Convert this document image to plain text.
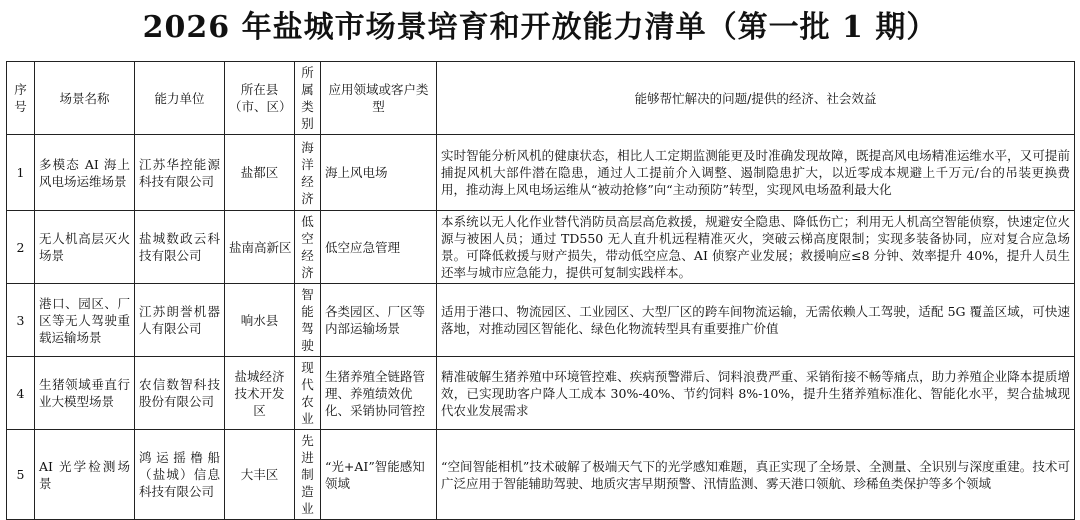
2026 年盐城市场景培育和开放能力清单（第一批 1 期）
序号	场景名称	能力单位	所在县（市、区）	所属类别	应用领域或客户类型	能够帮忙解决的问题/提供的经济、社会效益
1	多模态 AI 海上风电场运维场景	江苏华控能源科技有限公司	盐都区	海洋经济	海上风电场	实时智能分析风机的健康状态，相比人工定期监测能更及时准确发现故障，既提高风电场精准运维水平，又可提前捕捉风机大部件潜在隐患，通过人工提前介入调整、遏制隐患扩大，以近零成本规避上千万元/台的吊装更换费用，推动海上风电场运维从“被动抢修”向“主动预防”转型，实现风电场盈利最大化
2	无人机高层灭火场景	盐城数政云科技有限公司	盐南高新区	低空经济	低空应急管理	本系统以无人化作业替代消防员高层高危救援，规避安全隐患、降低伤亡；利用无人机高空智能侦察，快速定位火源与被困人员；通过 TD550 无人直升机远程精准灭火，突破云梯高度限制；实现多装备协同，应对复合应急场景。可降低救援与财产损失，带动低空应急、AI 侦察产业发展；救援响应≤8 分钟、效率提升 40%，提升人员生还率与城市应急能力，提供可复制实践样本。
3	港口、园区、厂区等无人驾驶重载运输场景	江苏朗誉机器人有限公司	响水县	智能驾驶	各类园区、厂区等内部运输场景	适用于港口、物流园区、工业园区、大型厂区的跨车间物流运输，无需依赖人工驾驶，适配 5G 覆盖区域，可快速落地，对推动园区智能化、绿色化物流转型具有重要推广价值
4	生猪领域垂直行业大模型场景	农信数智科技股份有限公司	盐城经济技术开发区	现代农业	生猪养殖全链路管理、养殖绩效优化、采销协同管控	精准破解生猪养殖中环境管控难、疾病预警滞后、饲料浪费严重、采销衔接不畅等痛点，助力养殖企业降本提质增效，已实现助客户降人工成本 30%-40%、节约饲料 8%-10%，提升生猪养殖标准化、智能化水平，契合盐城现代农业发展需求
5	AI 光学检测场景	鸿运摇橹船（盐城）信息科技有限公司	大丰区	先进制造业	“光+AI”智能感知领域	“空间智能相机”技术破解了极端天气下的光学感知难题，真正实现了全场景、全测量、全识别与深度重建。技术可广泛应用于智能辅助驾驶、地质灾害早期预警、汛情监测、雾天港口领航、珍稀鱼类保护等多个领域
